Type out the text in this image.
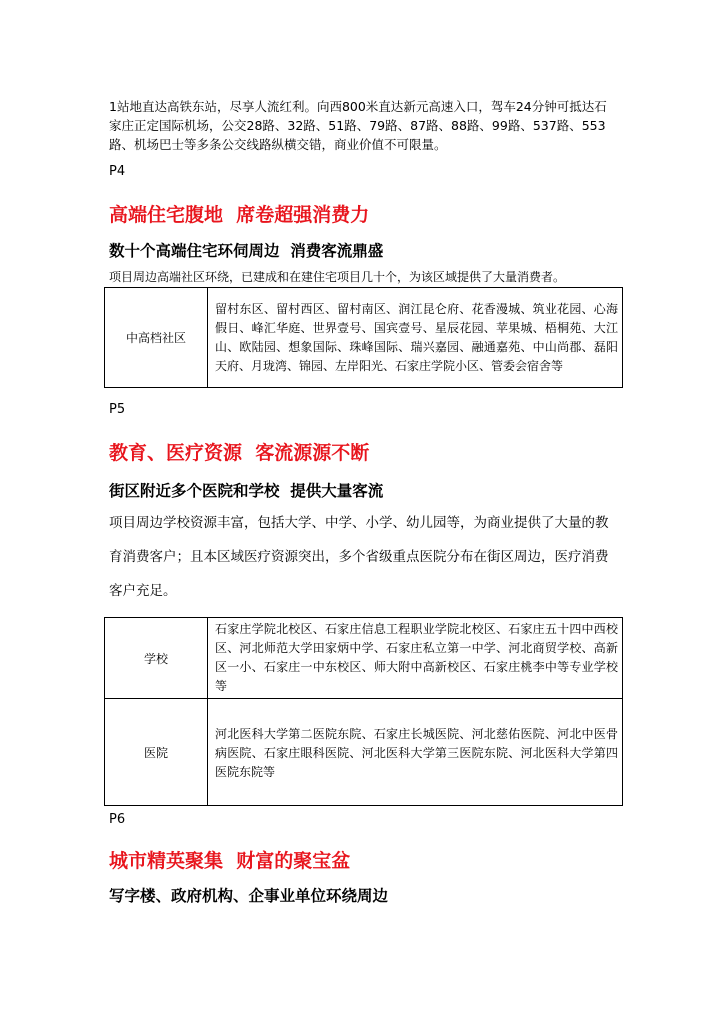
1站地直达高铁东站，尽享人流红利。向西800米直达新元高速入口，驾车24分钟可抵达石家庄正定国际机场，公交28路、32路、51路、79路、87路、88路、99路、537路、553路、机场巴士等多条公交线路纵横交错，商业价值不可限量。
P4
高端住宅腹地  席卷超强消费力
数十个高端住宅环伺周边  消费客流鼎盛
项目周边高端社区环绕，已建成和在建住宅项目几十个，为该区域提供了大量消费者。
中高档社区	留村东区、留村西区、留村南区、润江昆仑府、花香漫城、筑业花园、心海假日、峰汇华庭、世界壹号、国宾壹号、星辰花园、苹果城、梧桐苑、大江山、欧陆园、想象国际、珠峰国际、瑞兴嘉园、融通嘉苑、中山尚郡、磊阳天府、月珑湾、锦园、左岸阳光、石家庄学院小区、管委会宿舍等
P5
教育、医疗资源  客流源源不断
街区附近多个医院和学校  提供大量客流
项目周边学校资源丰富，包括大学、中学、小学、幼儿园等，为商业提供了大量的教育消费客户；且本区域医疗资源突出，多个省级重点医院分布在街区周边，医疗消费客户充足。
学校	石家庄学院北校区、石家庄信息工程职业学院北校区、石家庄五十四中西校区、河北师范大学田家炳中学、石家庄私立第一中学、河北商贸学校、高新区一小、石家庄一中东校区、师大附中高新校区、石家庄桃李中等专业学校等
医院	河北医科大学第二医院东院、石家庄长城医院、河北慈佑医院、河北中医骨病医院、石家庄眼科医院、河北医科大学第三医院东院、河北医科大学第四医院东院等
P6
城市精英聚集  财富的聚宝盆
写字楼、政府机构、企事业单位环绕周边
